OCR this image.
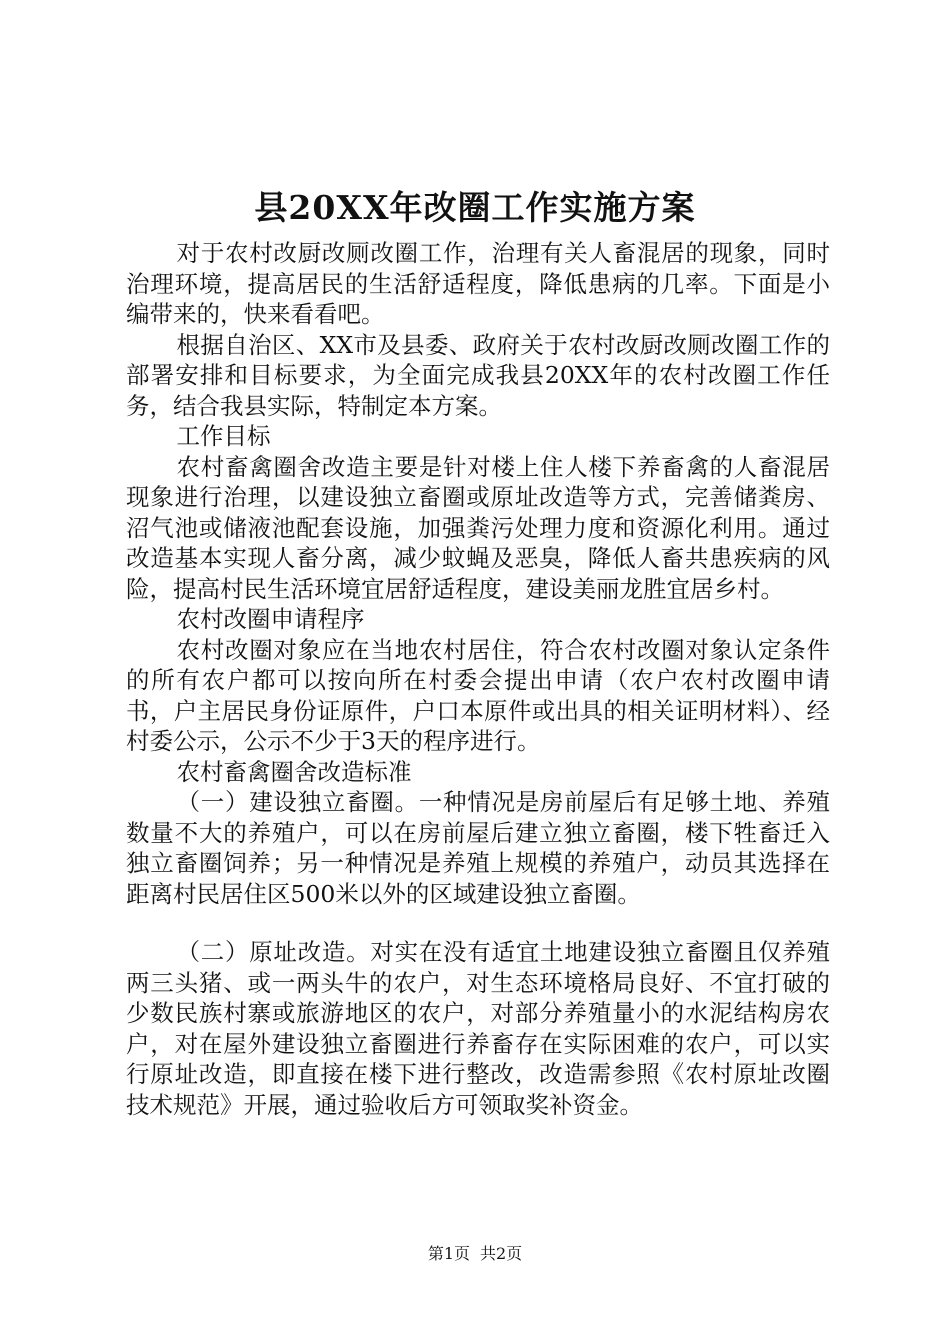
县20XX年改圈工作实施方案

对于农村改厨改厕改圈工作，治理有关人畜混居的现象，同时治理环境，提高居民的生活舒适程度，降低患病的几率。下面是小编带来的，快来看看吧。

根据自治区、XX市及县委、政府关于农村改厨改厕改圈工作的部署安排和目标要求，为全面完成我县20XX年的农村改圈工作任务，结合我县实际，特制定本方案。

工作目标

农村畜禽圈舍改造主要是针对楼上住人楼下养畜禽的人畜混居现象进行治理，以建设独立畜圈或原址改造等方式，完善储粪房、沼气池或储液池配套设施，加强粪污处理力度和资源化利用。通过改造基本实现人畜分离，减少蚊蝇及恶臭，降低人畜共患疾病的风险，提高村民生活环境宜居舒适程度，建设美丽龙胜宜居乡村。

农村改圈申请程序

农村改圈对象应在当地农村居住，符合农村改圈对象认定条件的所有农户都可以按向所在村委会提出申请（农户农村改圈申请书，户主居民身份证原件，户口本原件或出具的相关证明材料）、经村委公示，公示不少于3天的程序进行。

农村畜禽圈舍改造标准

（一）建设独立畜圈。一种情况是房前屋后有足够土地、养殖数量不大的养殖户，可以在房前屋后建立独立畜圈，楼下牲畜迁入独立畜圈饲养；另一种情况是养殖上规模的养殖户，动员其选择在距离村民居住区500米以外的区域建设独立畜圈。

（二）原址改造。对实在没有适宜土地建设独立畜圈且仅养殖两三头猪、或一两头牛的农户，对生态环境格局良好、不宜打破的少数民族村寨或旅游地区的农户，对部分养殖量小的水泥结构房农户，对在屋外建设独立畜圈进行养畜存在实际困难的农户，可以实行原址改造，即直接在楼下进行整改，改造需参照《农村原址改圈技术规范》开展，通过验收后方可领取奖补资金。

第1页 共2页
